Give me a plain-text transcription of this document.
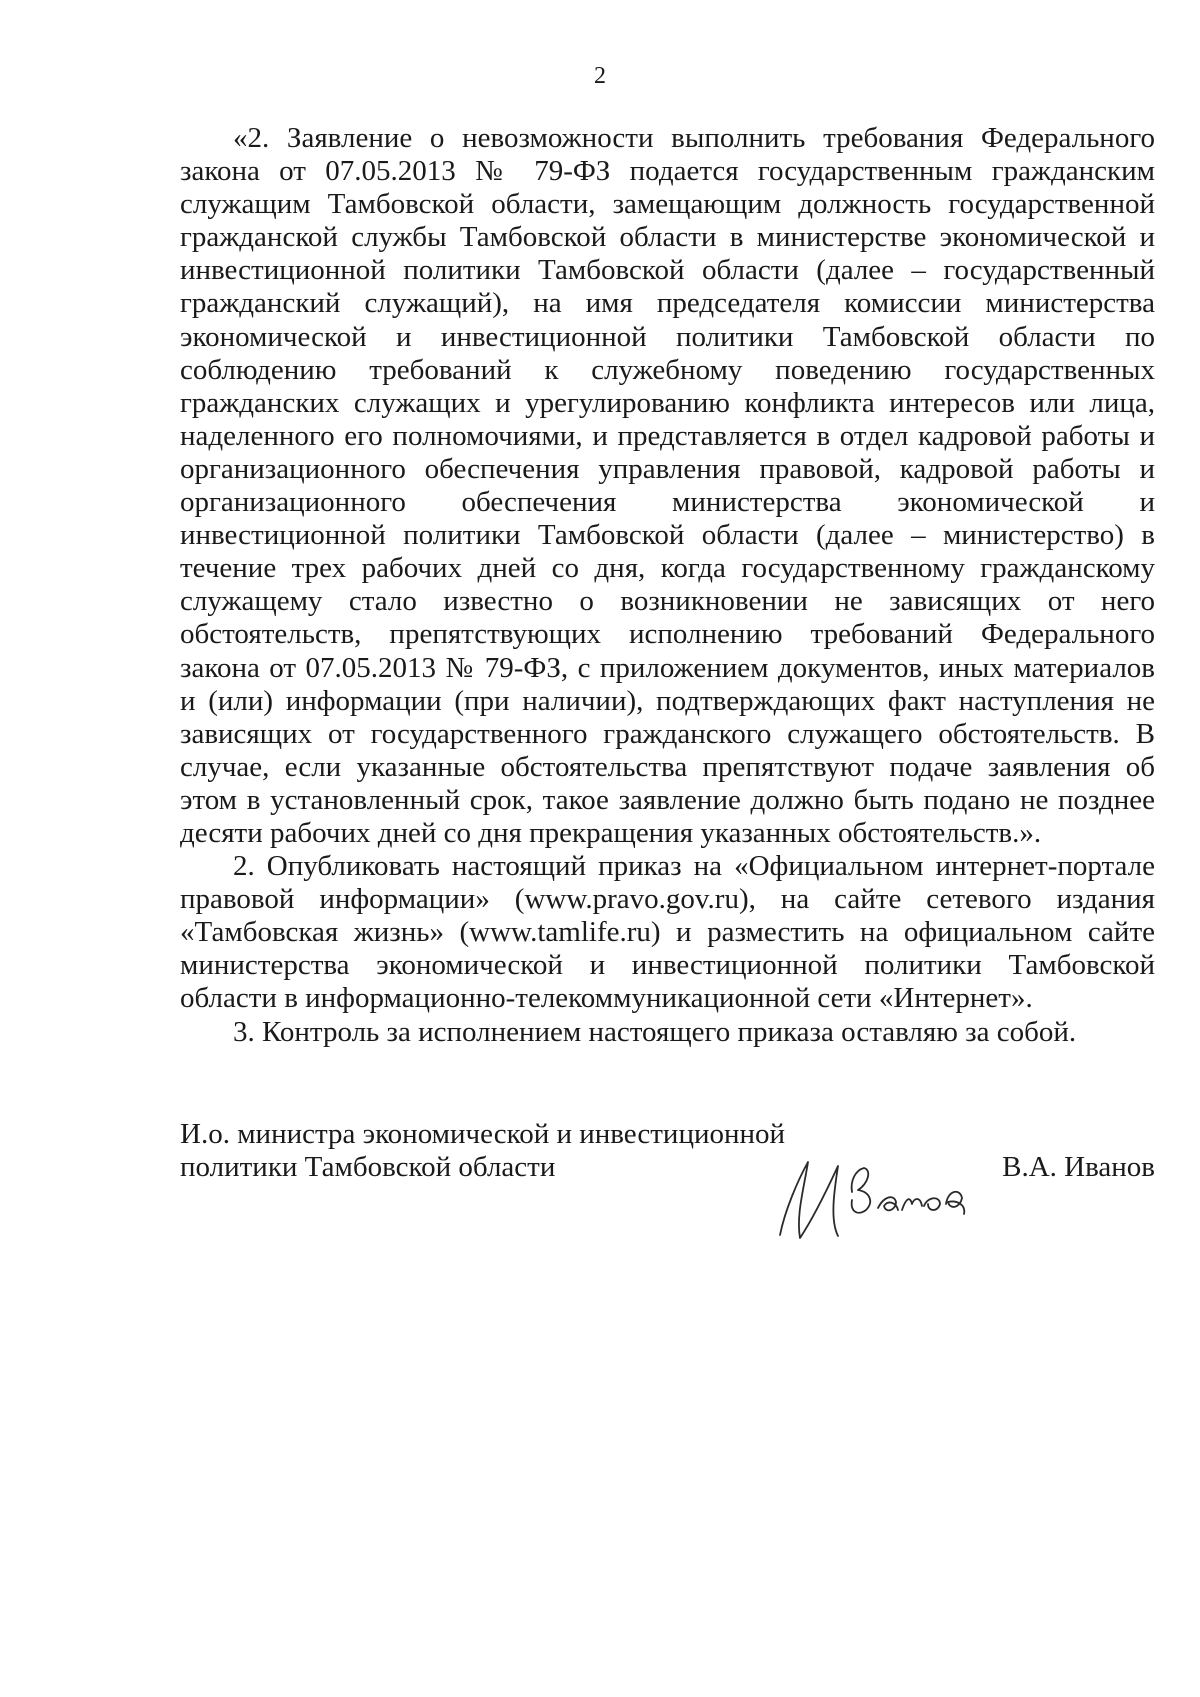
2

«2. Заявление о невозможности выполнить требования Федерального закона от 07.05.2013 № 79-ФЗ подается государственным гражданским служащим Тамбовской области, замещающим должность государственной гражданской службы Тамбовской области в министерстве экономической и инвестиционной политики Тамбовской области (далее – государственный гражданский служащий), на имя председателя комиссии министерства экономической и инвестиционной политики Тамбовской области по соблюдению требований к служебному поведению государственных гражданских служащих и урегулированию конфликта интересов или лица, наделенного его полномочиями, и представляется в отдел кадровой работы и организационного обеспечения управления правовой, кадровой работы и организационного обеспечения министерства экономической и инвестиционной политики Тамбовской области (далее – министерство) в течение трех рабочих дней со дня, когда государственному гражданскому служащему стало известно о возникновении не зависящих от него обстоятельств, препятствующих исполнению требований Федерального закона от 07.05.2013 № 79-ФЗ, с приложением документов, иных материалов и (или) информации (при наличии), подтверждающих факт наступления не зависящих от государственного гражданского служащего обстоятельств. В случае, если указанные обстоятельства препятствуют подаче заявления об этом в установленный срок, такое заявление должно быть подано не позднее десяти рабочих дней со дня прекращения указанных обстоятельств.».

2. Опубликовать настоящий приказ на «Официальном интернет-портале правовой информации» (www.pravo.gov.ru), на сайте сетевого издания «Тамбовская жизнь» (www.tamlife.ru) и разместить на официальном сайте министерства экономической и инвестиционной политики Тамбовской области в информационно-телекоммуникационной сети «Интернет».

3. Контроль за исполнением настоящего приказа оставляю за собой.

И.о. министра экономической и инвестиционной
политики Тамбовской области	В.А. Иванов
